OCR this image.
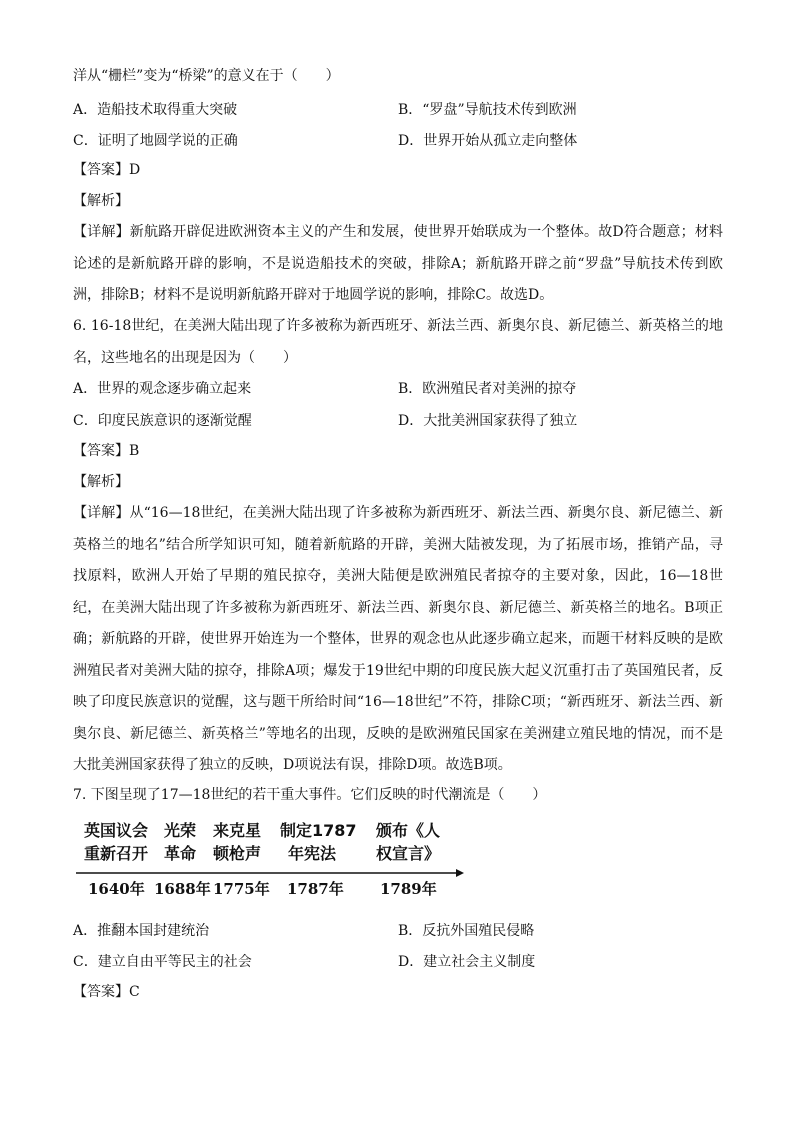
洋从“栅栏”变为“桥梁”的意义在于（　　）
A．造船技术取得重大突破	B．“罗盘”导航技术传到欧洲
C．证明了地圆学说的正确	D．世界开始从孤立走向整体
【答案】D
【解析】
【详解】新航路开辟促进欧洲资本主义的产生和发展，使世界开始联成为一个整体。故D符合题意；材料论述的是新航路开辟的影响，不是说造船技术的突破，排除A；新航路开辟之前“罗盘”导航技术传到欧洲，排除B；材料不是说明新航路开辟对于地圆学说的影响，排除C。故选D。
6. 16-18世纪，在美洲大陆出现了许多被称为新西班牙、新法兰西、新奥尔良、新尼德兰、新英格兰的地名，这些地名的出现是因为（　　）
A．世界的观念逐步确立起来	B．欧洲殖民者对美洲的掠夺
C．印度民族意识的逐渐觉醒	D．大批美洲国家获得了独立
【答案】B
【解析】
【详解】从“16—18世纪，在美洲大陆出现了许多被称为新西班牙、新法兰西、新奥尔良、新尼德兰、新英格兰的地名”结合所学知识可知，随着新航路的开辟，美洲大陆被发现，为了拓展市场，推销产品，寻找原料，欧洲人开始了早期的殖民掠夺，美洲大陆便是欧洲殖民者掠夺的主要对象，因此，16—18世纪，在美洲大陆出现了许多被称为新西班牙、新法兰西、新奥尔良、新尼德兰、新英格兰的地名。B项正确；新航路的开辟，使世界开始连为一个整体，世界的观念也从此逐步确立起来，而题干材料反映的是欧洲殖民者对美洲大陆的掠夺，排除A项；爆发于19世纪中期的印度民族大起义沉重打击了英国殖民者，反映了印度民族意识的觉醒，这与题干所给时间“16—18世纪”不符，排除C项；“新西班牙、新法兰西、新奥尔良、新尼德兰、新英格兰”等地名的出现，反映的是欧洲殖民国家在美洲建立殖民地的情况，而不是大批美洲国家获得了独立的反映，D项说法有误，排除D项。故选B项。
7. 下图呈现了17—18世纪的若干重大事件。它们反映的时代潮流是（　　）
英国议会
重新召开
1640年
光荣
革命
1688年
来克星
顿枪声
1775年
制定1787
年宪法
1787年
颁布《人
权宣言》
1789年
A．推翻本国封建统治	B．反抗外国殖民侵略
C．建立自由平等民主的社会	D．建立社会主义制度
【答案】C
